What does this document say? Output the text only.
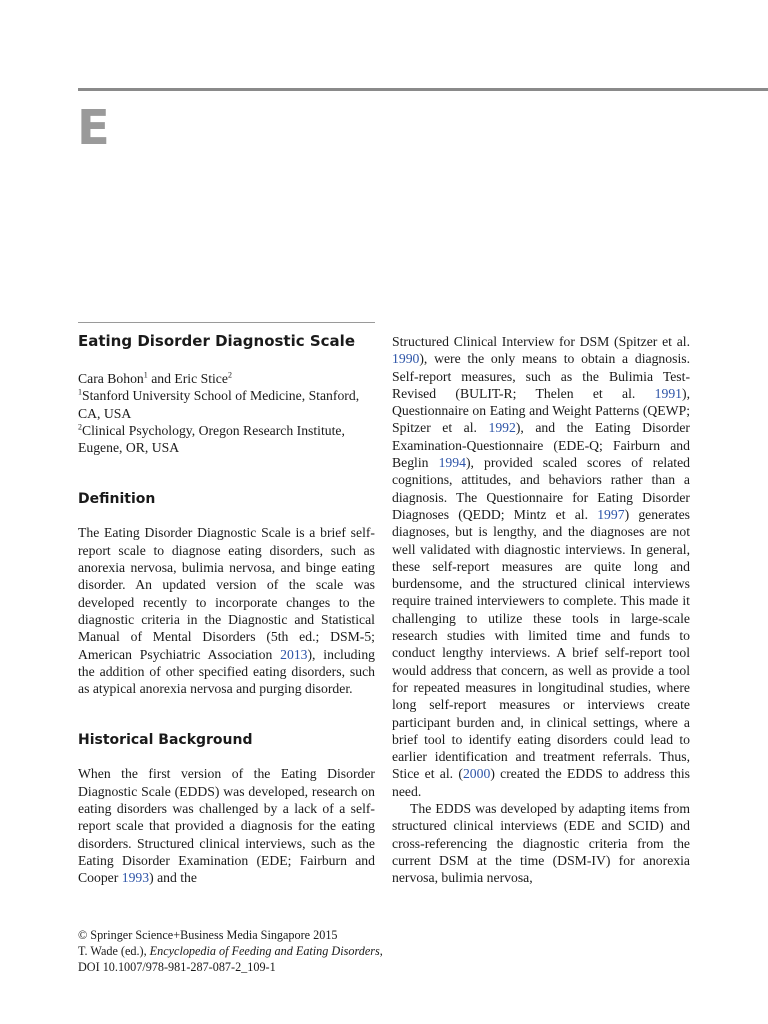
E
Eating Disorder Diagnostic Scale

Cara Bohon$^1$ and Eric Stice$^2$

$^1$Stanford University School of Medicine, Stanford, CA, USA

$^2$Clinical Psychology, Oregon Research Institute, Eugene, OR, USA

Definition

The Eating Disorder Diagnostic Scale is a brief self-report scale to diagnose eating disorders, such as anorexia nervosa, bulimia nervosa, and binge eating disorder. An updated version of the scale was developed recently to incorporate changes to the diagnostic criteria in the Diagnostic and Statistical Manual of Mental Disorders (5th ed.; DSM-5; American Psychiatric Association 2013), including the addition of other specified eating disorders, such as atypical anorexia nervosa and purging disorder.

Historical Background

When the first version of the Eating Disorder Diagnostic Scale (EDDS) was developed, research on eating disorders was challenged by a lack of a self-report scale that provided a diagnosis for the eating disorders. Structured clinical interviews, such as the Eating Disorder Examination (EDE; Fairburn and Cooper 1993) and the

Structured Clinical Interview for DSM (Spitzer et al. 1990), were the only means to obtain a diagnosis. Self-report measures, such as the Bulimia Test-Revised (BULIT-R; Thelen et al. 1991), Questionnaire on Eating and Weight Patterns (QEWP; Spitzer et al. 1992), and the Eating Disorder Examination-Questionnaire (EDE-Q; Fairburn and Beglin 1994), provided scaled scores of related cognitions, attitudes, and behaviors rather than a diagnosis. The Questionnaire for Eating Disorder Diagnoses (QEDD; Mintz et al. 1997) generates diagnoses, but is lengthy, and the diagnoses are not well validated with diagnostic interviews. In general, these self-report measures are quite long and burdensome, and the structured clinical interviews require trained interviewers to complete. This made it challenging to utilize these tools in large-scale research studies with limited time and funds to conduct lengthy interviews. A brief self-report tool would address that concern, as well as provide a tool for repeated measures in longitudinal studies, where long self-report measures or interviews create participant burden and, in clinical settings, where a brief tool to identify eating disorders could lead to earlier identification and treatment referrals. Thus, Stice et al. (2000) created the EDDS to address this need.

The EDDS was developed by adapting items from structured clinical interviews (EDE and SCID) and cross-referencing the diagnostic criteria from the current DSM at the time (DSM-IV) for anorexia nervosa, bulimia nervosa,

© Springer Science+Business Media Singapore 2015

T. Wade (ed.), Encyclopedia of Feeding and Eating Disorders,

DOI 10.1007/978-981-287-087-2_109-1
